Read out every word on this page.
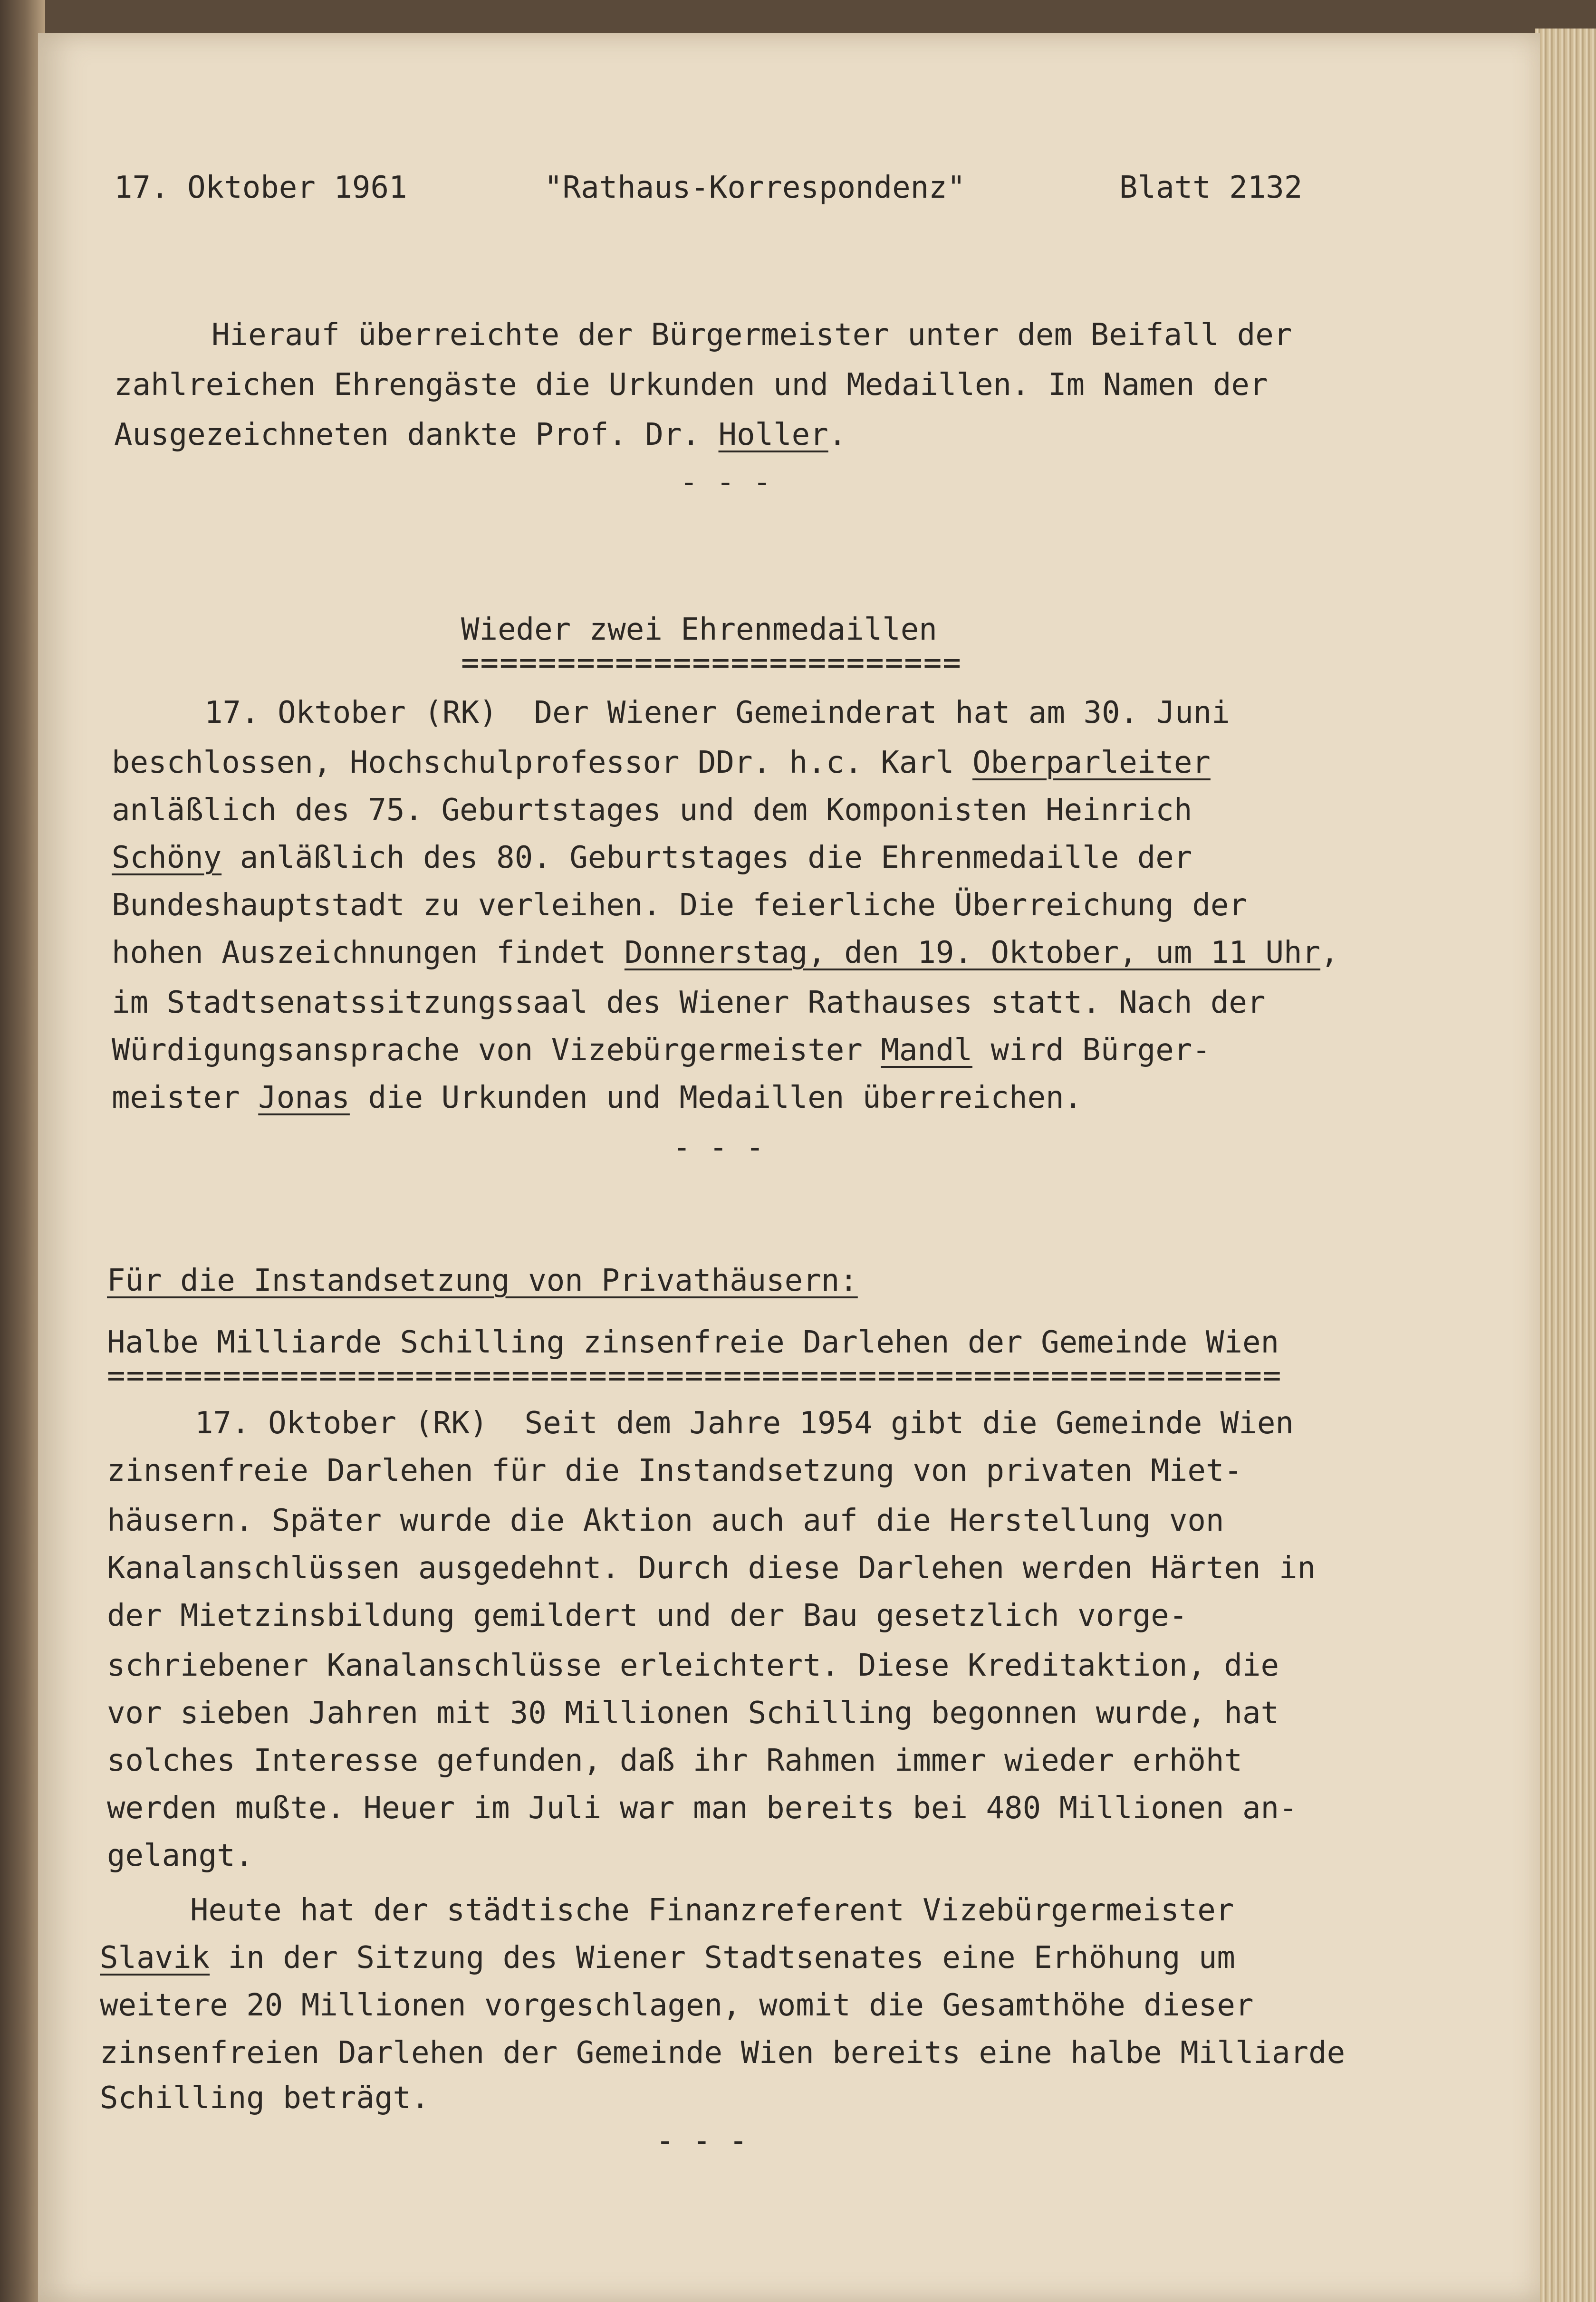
17. Oktober 1961	"Rathaus-Korrespondenz"	Blatt 2132
Hierauf überreichte der Bürgermeister unter dem Beifall der
zahlreichen Ehrengäste die Urkunden und Medaillen. Im Namen der
Ausgezeichneten dankte Prof. Dr. Holler.
- - -
Wieder zwei Ehrenmedaillen
==========================
17. Oktober (RK)  Der Wiener Gemeinderat hat am 30. Juni
beschlossen, Hochschulprofessor DDr. h.c. Karl Oberparleiter
anläßlich des 75. Geburtstages und dem Komponisten Heinrich
Schöny anläßlich des 80. Geburtstages die Ehrenmedaille der
Bundeshauptstadt zu verleihen. Die feierliche Überreichung der
hohen Auszeichnungen findet Donnerstag, den 19. Oktober, um 11 Uhr,
im Stadtsenatssitzungssaal des Wiener Rathauses statt. Nach der
Würdigungsansprache von Vizebürgermeister Mandl wird Bürger-
meister Jonas die Urkunden und Medaillen überreichen.
- - -
Für die Instandsetzung von Privathäusern:
Halbe Milliarde Schilling zinsenfreie Darlehen der Gemeinde Wien
=============================================================
17. Oktober (RK)  Seit dem Jahre 1954 gibt die Gemeinde Wien
zinsenfreie Darlehen für die Instandsetzung von privaten Miet-
häusern. Später wurde die Aktion auch auf die Herstellung von
Kanalanschlüssen ausgedehnt. Durch diese Darlehen werden Härten in
der Mietzinsbildung gemildert und der Bau gesetzlich vorge-
schriebener Kanalanschlüsse erleichtert. Diese Kreditaktion, die
vor sieben Jahren mit 30 Millionen Schilling begonnen wurde, hat
solches Interesse gefunden, daß ihr Rahmen immer wieder erhöht
werden mußte. Heuer im Juli war man bereits bei 480 Millionen an-
gelangt.
Heute hat der städtische Finanzreferent Vizebürgermeister
Slavik in der Sitzung des Wiener Stadtsenates eine Erhöhung um
weitere 20 Millionen vorgeschlagen, womit die Gesamthöhe dieser
zinsenfreien Darlehen der Gemeinde Wien bereits eine halbe Milliarde
Schilling beträgt.
- - -
